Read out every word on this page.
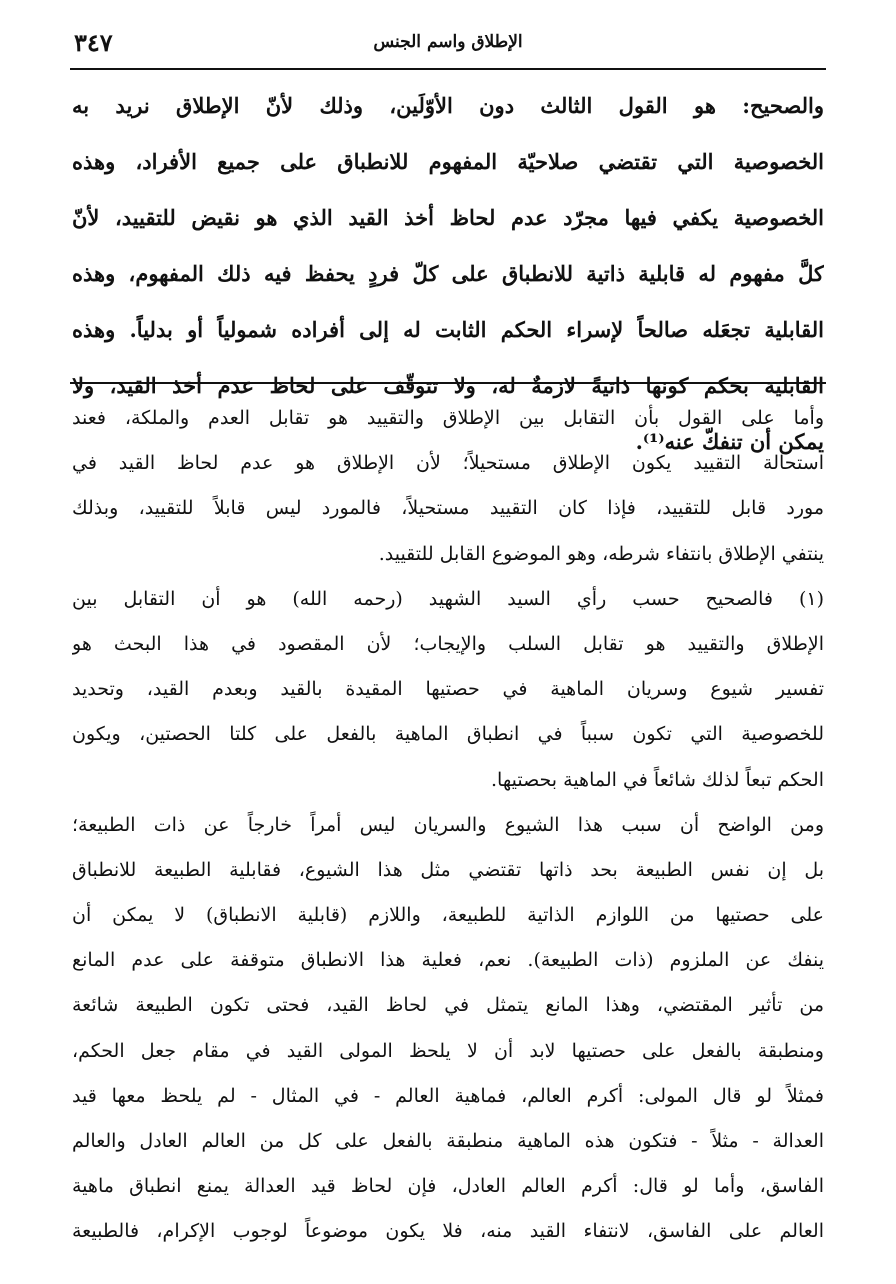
الإطلاق واسم الجنس
٣٤٧
والصحيح: هو القول الثالث دون الأوّلَين، وذلك لأنّ الإطلاق نريد به
الخصوصية التي تقتضي صلاحيّة المفهوم للانطباق على جميع الأفراد، وهذه
الخصوصية يكفي فيها مجرّد عدم لحاظ أخذ القيد الذي هو نقيض للتقييد، لأنّ
كلَّ مفهوم له قابلية ذاتية للانطباق على كلّ فردٍ يحفظ فيه ذلك المفهوم، وهذه
القابلية تجعَله صالحاً لإسراء الحكم الثابت له إلى أفراده شمولياً أو بدلياً. وهذه
القابلية بحكم كونها ذاتيةً لازمةٌ له، ولا تتوقّف على لحاظ عدم أخذ القيد، ولا
يمكن أن تنفكّ عنه⁽¹⁾.
وأما على القول بأن التقابل بين الإطلاق والتقييد هو تقابل العدم والملكة، فعند
استحالة التقييد يكون الإطلاق مستحيلاً؛ لأن الإطلاق هو عدم لحاظ القيد في
مورد قابل للتقييد، فإذا كان التقييد مستحيلاً، فالمورد ليس قابلاً للتقييد، وبذلك
ينتفي الإطلاق بانتفاء شرطه، وهو الموضوع القابل للتقييد.
(١) فالصحيح حسب رأي السيد الشهيد (رحمه الله) هو أن التقابل بين
الإطلاق والتقييد هو تقابل السلب والإيجاب؛ لأن المقصود في هذا البحث هو
تفسير شيوع وسريان الماهية في حصتيها المقيدة بالقيد وبعدم القيد، وتحديد
للخصوصية التي تكون سبباً في انطباق الماهية بالفعل على كلتا الحصتين، ويكون
الحكم تبعاً لذلك شائعاً في الماهية بحصتيها.
ومن الواضح أن سبب هذا الشيوع والسريان ليس أمراً خارجاً عن ذات الطبيعة؛
بل إن نفس الطبيعة بحد ذاتها تقتضي مثل هذا الشيوع، فقابلية الطبيعة للانطباق
على حصتيها من اللوازم الذاتية للطبيعة، واللازم (قابلية الانطباق) لا يمكن أن
ينفك عن الملزوم (ذات الطبيعة). نعم، فعلية هذا الانطباق متوقفة على عدم المانع
من تأثير المقتضي، وهذا المانع يتمثل في لحاظ القيد، فحتى تكون الطبيعة شائعة
ومنطبقة بالفعل على حصتيها لابد أن لا يلحظ المولى القيد في مقام جعل الحكم،
فمثلاً لو قال المولى: أكرم العالم، فماهية العالم - في المثال - لم يلحظ معها قيد
العدالة - مثلاً - فتكون هذه الماهية منطبقة بالفعل على كل من العالم العادل والعالم
الفاسق، وأما لو قال: أكرم العالم العادل، فإن لحاظ قيد العدالة يمنع انطباق ماهية
العالم على الفاسق، لانتفاء القيد منه، فلا يكون موضوعاً لوجوب الإكرام، فالطبيعة
